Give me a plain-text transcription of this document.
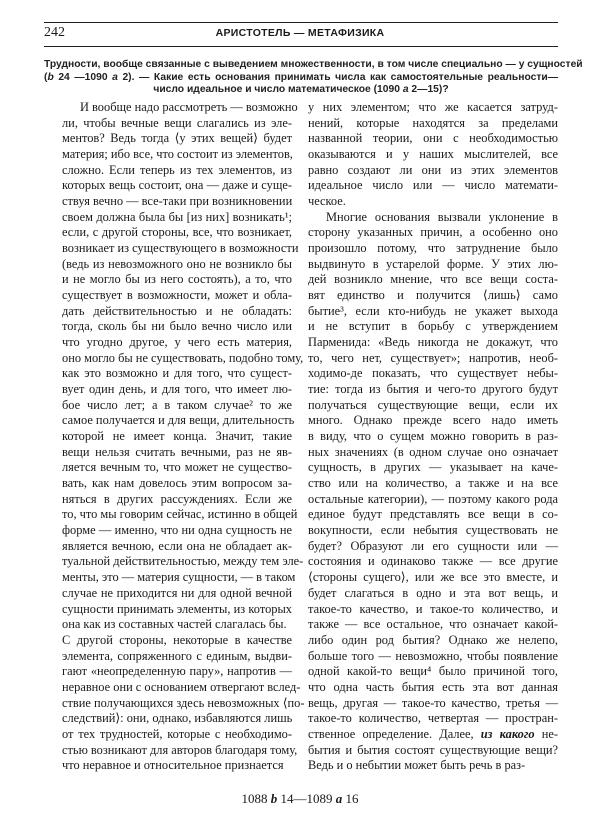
242	АРИСТОТЕЛЬ — МЕТАФИЗИКА
Трудности, вообще связанные с выведением множественности, в том числе специально — у сущностей
(b 24 —1090 a 2). — Какие есть основания принимать числа как самостоятельные реальности—
число идеальное и число математическое (1090 a 2—15)?
И вообще надо рассмотреть — возможно
ли, чтобы вечные вещи слагались из эле-
ментов? Ведь тогда ⟨у этих вещей⟩ будет
материя; ибо все, что состоит из элементов,
сложно. Если теперь из тех элементов, из
которых вещь состоит, она — даже и суще-
ствуя вечно — все-таки при возникновении
своем должна была бы [из них] возникать¹;
если, с другой стороны, все, что возникает,
возникает из существующего в возможности
(ведь из невозможного оно не возникло бы
и не могло бы из него состоять), а то, что
существует в возможности, может и обла-
дать действительностью и не обладать:
тогда, сколь бы ни было вечно число или
что угодно другое, у чего есть материя,
оно могло бы не существовать, подобно тому,
как это возможно и для того, что сущест-
вует один день, и для того, что имеет лю-
бое число лет; а в таком случае² то же
самое получается и для вещи, длительность
которой не имеет конца. Значит, такие
вещи нельзя считать вечными, раз не яв-
ляется вечным то, что может не существо-
вать, как нам довелось этим вопросом за-
няться в других рассуждениях. Если же
то, что мы говорим сейчас, истинно в общей
форме — именно, что ни одна сущность не
является вечною, если она не обладает ак-
туальной действительностью, между тем эле-
менты, это — материя сущности, — в таком
случае не приходится ни для одной вечной
сущности принимать элементы, из которых
она как из составных частей слагалась бы.
С другой стороны, некоторые в качестве
элемента, сопряженного с единым, выдви-
гают «неопределенную пару», напротив —
неравное они с основанием отвергают вслед-
ствие получающихся здесь невозможных ⟨по-
следствий⟩: они, однако, избавляются лишь
от тех трудностей, которые с необходимо-
стью возникают для авторов благодаря тому,
что неравное и относительное признается
у них элементом; что же касается затруд-
нений, которые находятся за пределами
названной теории, они с необходимостью
оказываются и у наших мыслителей, все
равно создают ли они из этих элементов
идеальное число или — число математи-
ческое.
Многие основания вызвали уклонение в
сторону указанных причин, а особенно оно
произошло потому, что затруднение было
выдвинуто в устарелой форме. У этих лю-
дей возникло мнение, что все вещи соста-
вят единство и получится ⟨лишь⟩ само
бытие³, если кто-нибудь не укажет выхода
и не вступит в борьбу с утверждением
Парменида: «Ведь никогда не докажут, что
то, чего нет, существует»; напротив, необ-
ходимо-де показать, что существует небы-
тие: тогда из бытия и чего-то другого будут
получаться существующие вещи, если их
много. Однако прежде всего надо иметь
в виду, что о сущем можно говорить в раз-
ных значениях (в одном случае оно означает
сущность, в других — указывает на каче-
ство или на количество, а также и на все
остальные категории), — поэтому какого рода
единое будут представлять все вещи в со-
вокупности, если небытия существовать не
будет? Образуют ли его сущности или —
состояния и одинаково также — все другие
⟨стороны сущего⟩, или же все это вместе, и
будет слагаться в одно и эта вот вещь, и
такое-то качество, и такое-то количество, и
также — все остальное, что означает какой-
либо один род бытия? Однако же нелепо,
больше того — невозможно, чтобы появление
одной какой-то вещи⁴ было причиной того,
что одна часть бытия есть эта вот данная
вещь, другая — такое-то качество, третья —
такое-то количество, четвертая — простран-
ственное определение. Далее, из какого не-
бытия и бытия состоят существующие вещи?
Ведь и о небытии может быть речь в раз-
1088 b 14—1089 a 16
